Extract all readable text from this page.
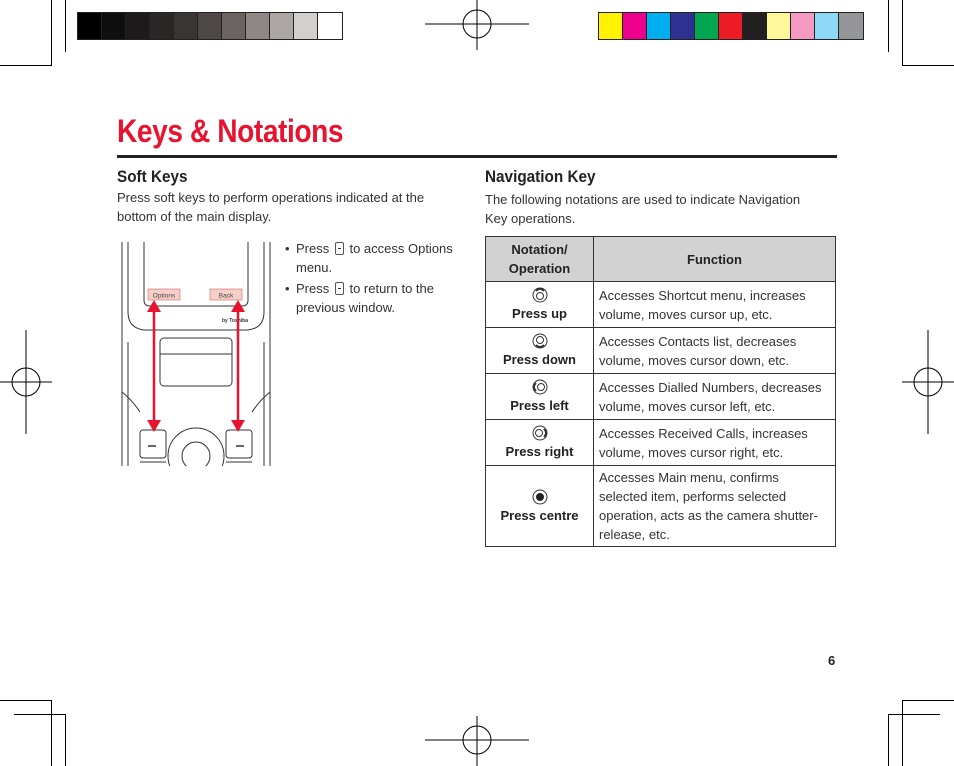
Keys & Notations
Soft Keys
Press soft keys to perform operations indicated at the bottom of the main display.
by Toshiba
Options	Back
• Press  to access Options menu.
• Press  to return to the previous window.
Navigation Key
The following notations are used to indicate Navigation Key operations.
Notation/ Operation	Function

Press up	Accesses Shortcut menu, increases volume, moves cursor up, etc.

Press down	Accesses Contacts list, decreases volume, moves cursor down, etc.

Press left	Accesses Dialled Numbers, decreases volume, moves cursor left, etc.

Press right	Accesses Received Calls, increases volume, moves cursor right, etc.

Press centre	Accesses Main menu, confirms selected item, performs selected operation, acts as the camera shutter-release, etc.
6
